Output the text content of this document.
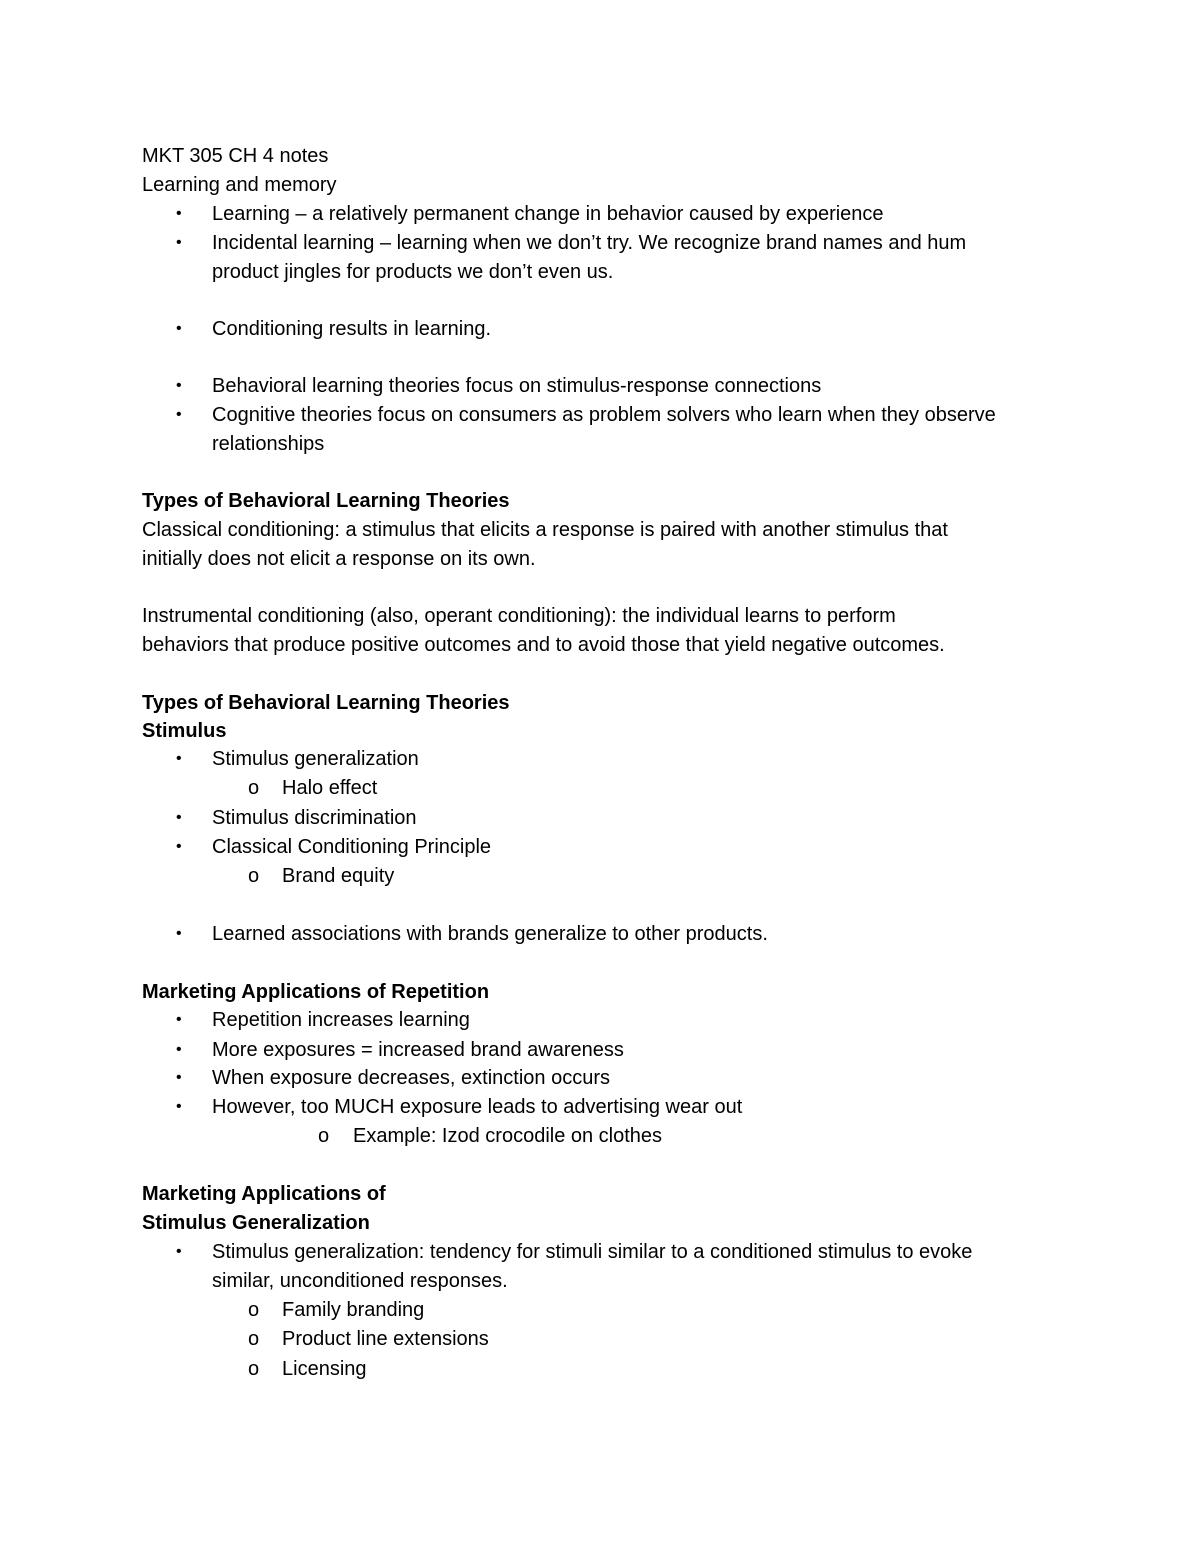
MKT 305 CH 4 notes
Learning and memory
• Learning – a relatively permanent change in behavior caused by experience
• Incidental learning – learning when we don’t try. We recognize brand names and hum
product jingles for products we don’t even us.
• Conditioning results in learning.
• Behavioral learning theories focus on stimulus-response connections
• Cognitive theories focus on consumers as problem solvers who learn when they observe
relationships
Types of Behavioral Learning Theories
Classical conditioning: a stimulus that elicits a response is paired with another stimulus that
initially does not elicit a response on its own.
Instrumental conditioning (also, operant conditioning): the individual learns to perform
behaviors that produce positive outcomes and to avoid those that yield negative outcomes.
Types of Behavioral Learning Theories
Stimulus
• Stimulus generalization
o Halo effect
• Stimulus discrimination
• Classical Conditioning Principle
o Brand equity
• Learned associations with brands generalize to other products.
Marketing Applications of Repetition
• Repetition increases learning
• More exposures = increased brand awareness
• When exposure decreases, extinction occurs
• However, too MUCH exposure leads to advertising wear out
o Example: Izod crocodile on clothes
Marketing Applications of
Stimulus Generalization
• Stimulus generalization: tendency for stimuli similar to a conditioned stimulus to evoke
similar, unconditioned responses.
o Family branding
o Product line extensions
o Licensing
